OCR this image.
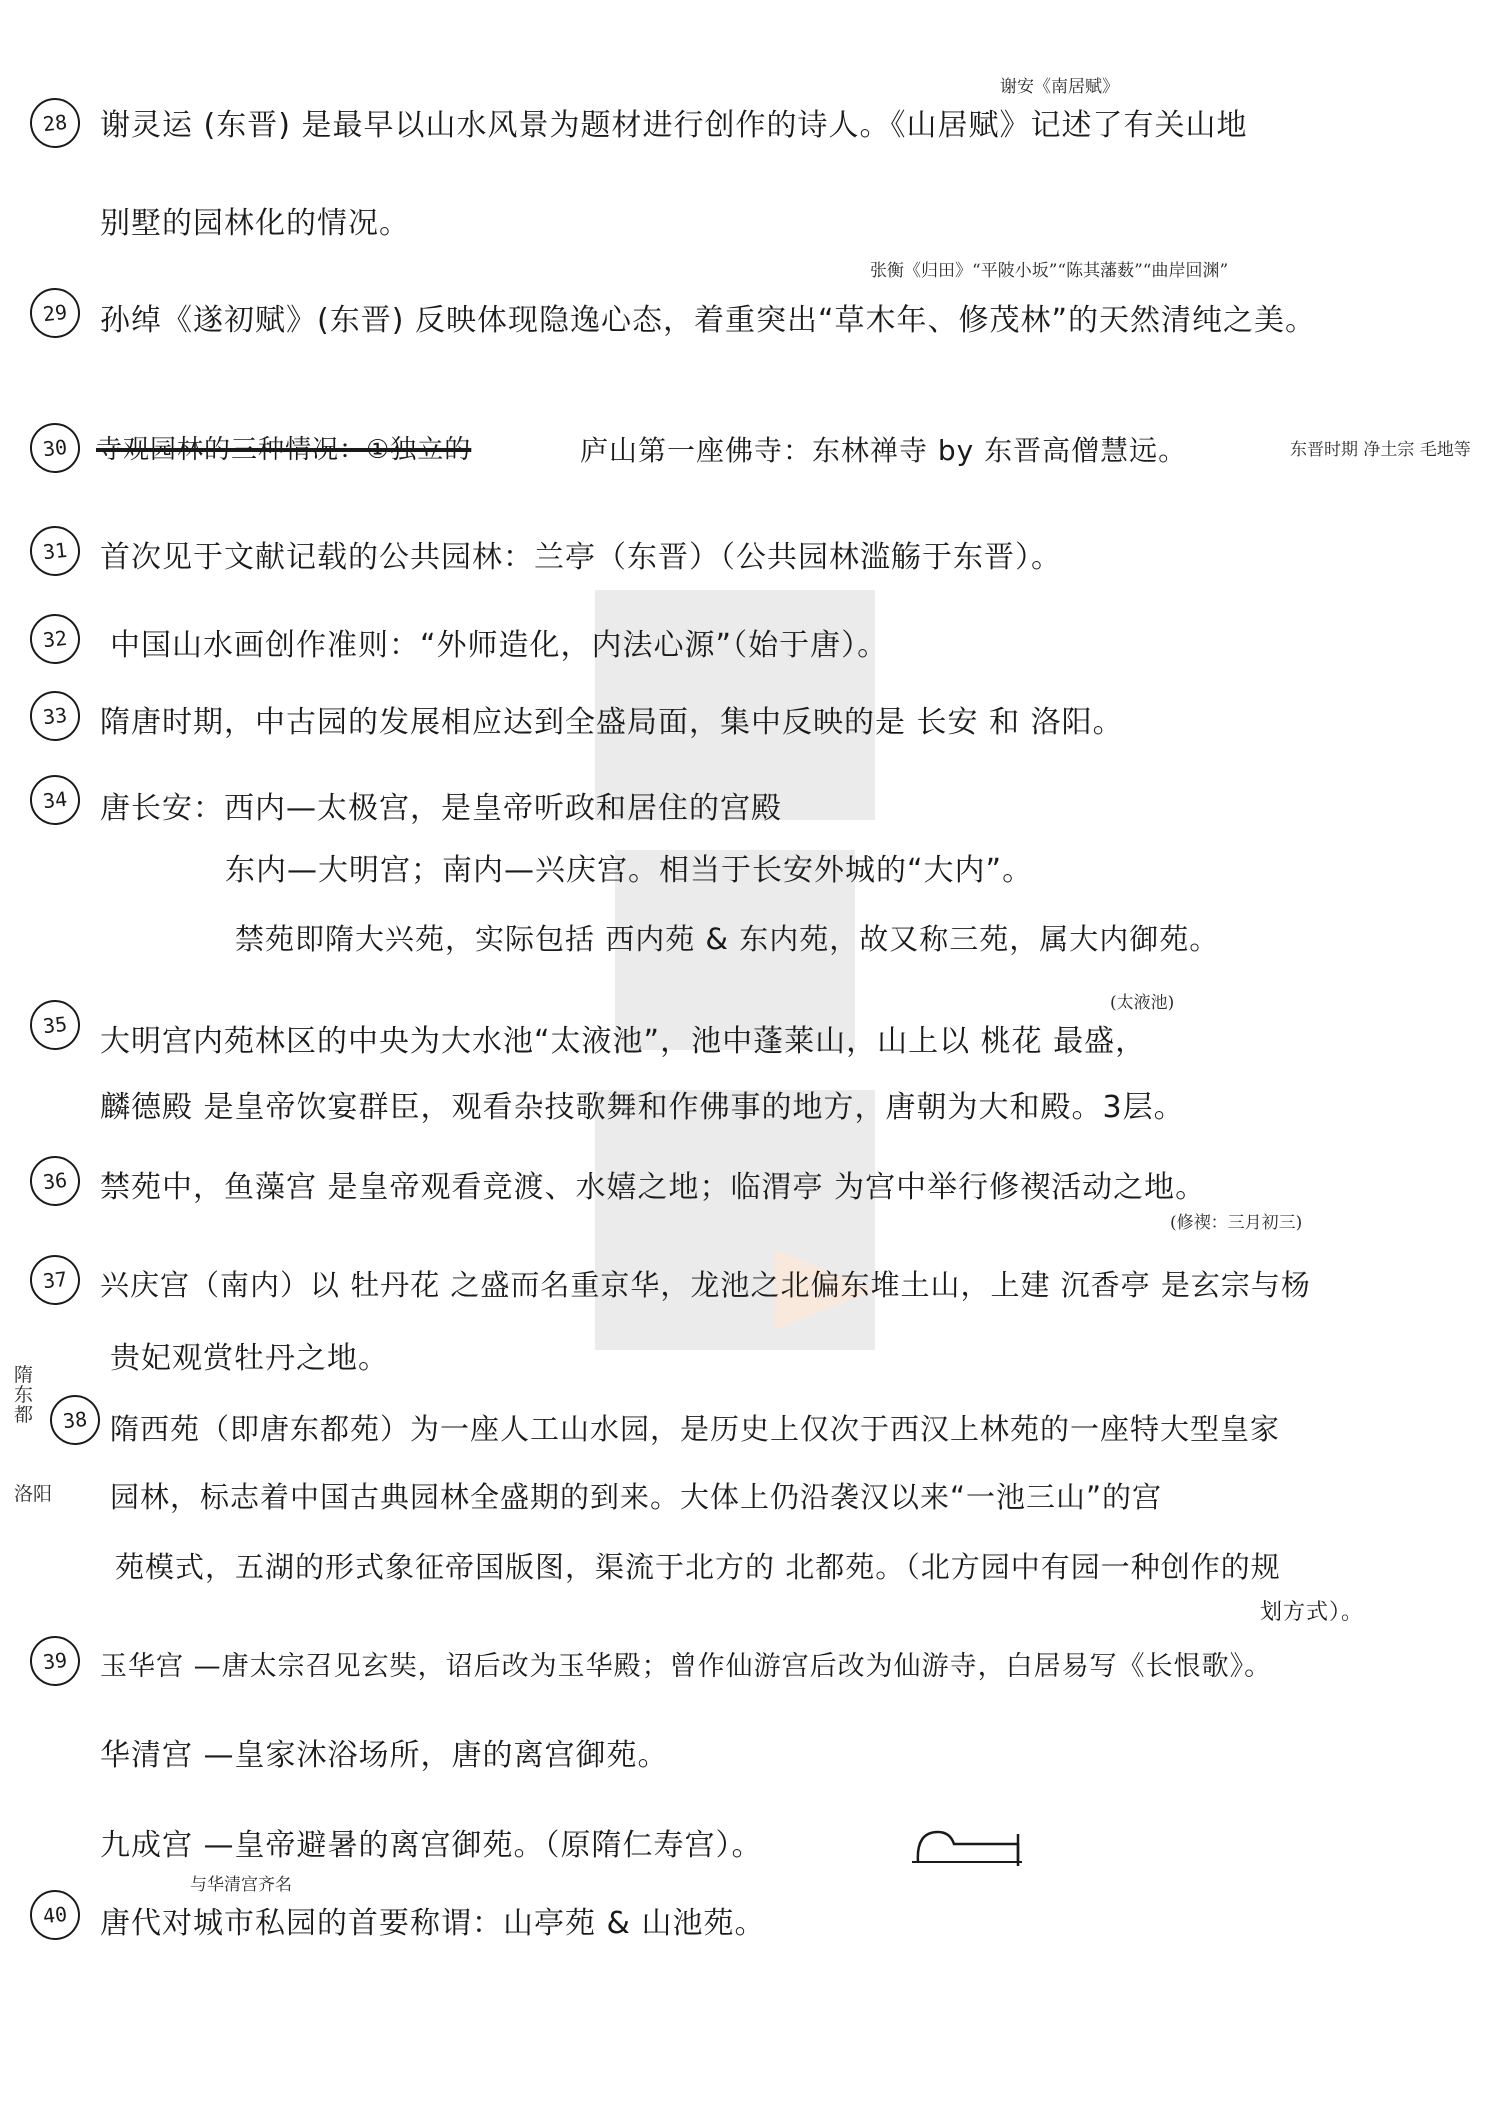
28	谢灵运 (东晋) 是最早以山水风景为题材进行创作的诗人。《山居赋》记述了有关山地
别墅的园林化的情况。
谢安《南居赋》
29	孙绰《遂初赋》(东晋) 反映体现隐逸心态，着重突出“草木年、修茂林”的天然清纯之美。
张衡《归田》“平陂小坂”“陈其藩薮”“曲岸回渊”
30	寺观园林的三种情况：①独立的	庐山第一座佛寺：东林禅寺 by 东晋高僧慧远。	东晋时期 净土宗 毛地等
31	首次见于文献记载的公共园林：兰亭（东晋）（公共园林滥觞于东晋）。
32	中国山水画创作准则：“外师造化，内法心源”（始于唐）。
33	隋唐时期，中古园的发展相应达到全盛局面，集中反映的是 长安 和 洛阳。
34	唐长安：西内—太极宫，是皇帝听政和居住的宫殿
东内—大明宫；南内—兴庆宫。相当于长安外城的“大内”。
禁苑即隋大兴苑，实际包括 西内苑 & 东内苑，故又称三苑，属大内御苑。
35	大明宫内苑林区的中央为大水池“太液池”，池中蓬莱山，山上以 桃花 最盛，
麟德殿 是皇帝饮宴群臣，观看杂技歌舞和作佛事的地方，唐朝为大和殿。3层。
(太液池)
36	禁苑中，鱼藻宫 是皇帝观看竞渡、水嬉之地；临渭亭 为宫中举行修禊活动之地。
(修禊：三月初三)
37	兴庆宫（南内）以 牡丹花 之盛而名重京华，龙池之北偏东堆土山，上建 沉香亭 是玄宗与杨
贵妃观赏牡丹之地。
隋东都	38 隋西苑（即唐东都苑）为一座人工山水园，是历史上仅次于西汉上林苑的一座特大型皇家
洛阳 园林，标志着中国古典园林全盛期的到来。大体上仍沿袭汉以来“一池三山”的宫
苑模式，五湖的形式象征帝国版图，渠流于北方的 北都苑。（北方园中有园一种创作的规
划方式）。
39	玉华宫 —唐太宗召见玄奘，诏后改为玉华殿；曾作仙游宫后改为仙游寺，白居易写《长恨歌》。
华清宫 —皇家沐浴场所，唐的离宫御苑。
九成宫 —皇帝避暑的离宫御苑。（原隋仁寿宫）。
与华清宫齐名
40	唐代对城市私园的首要称谓：山亭苑 & 山池苑。
